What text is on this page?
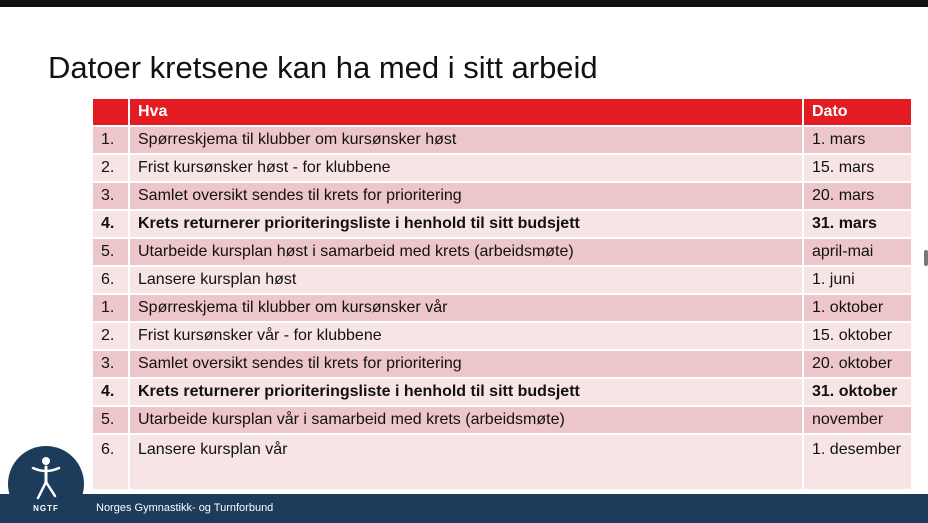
Datoer kretsene kan ha med i sitt arbeid
	Hva	Dato
1.	Spørreskjema til klubber om kursønsker høst	1. mars
2.	Frist kursønsker høst - for klubbene	15. mars
3.	Samlet oversikt sendes til krets for prioritering	20. mars
4.	Krets returnerer prioriteringsliste i henhold til sitt budsjett	31. mars
5.	Utarbeide kursplan høst i samarbeid med krets (arbeidsmøte)	april-mai
6.	Lansere kursplan høst	1. juni
1.	Spørreskjema til klubber om kursønsker vår	1. oktober
2.	Frist kursønsker vår - for klubbene	15. oktober
3.	Samlet oversikt sendes til krets for prioritering	20. oktober
4.	Krets returnerer prioriteringsliste i henhold til sitt budsjett	31. oktober
5.	Utarbeide kursplan vår i samarbeid med krets (arbeidsmøte)	november
6.	Lansere kursplan vår	1. desember
Norges Gymnastikk- og Turnforbund
NGTF
